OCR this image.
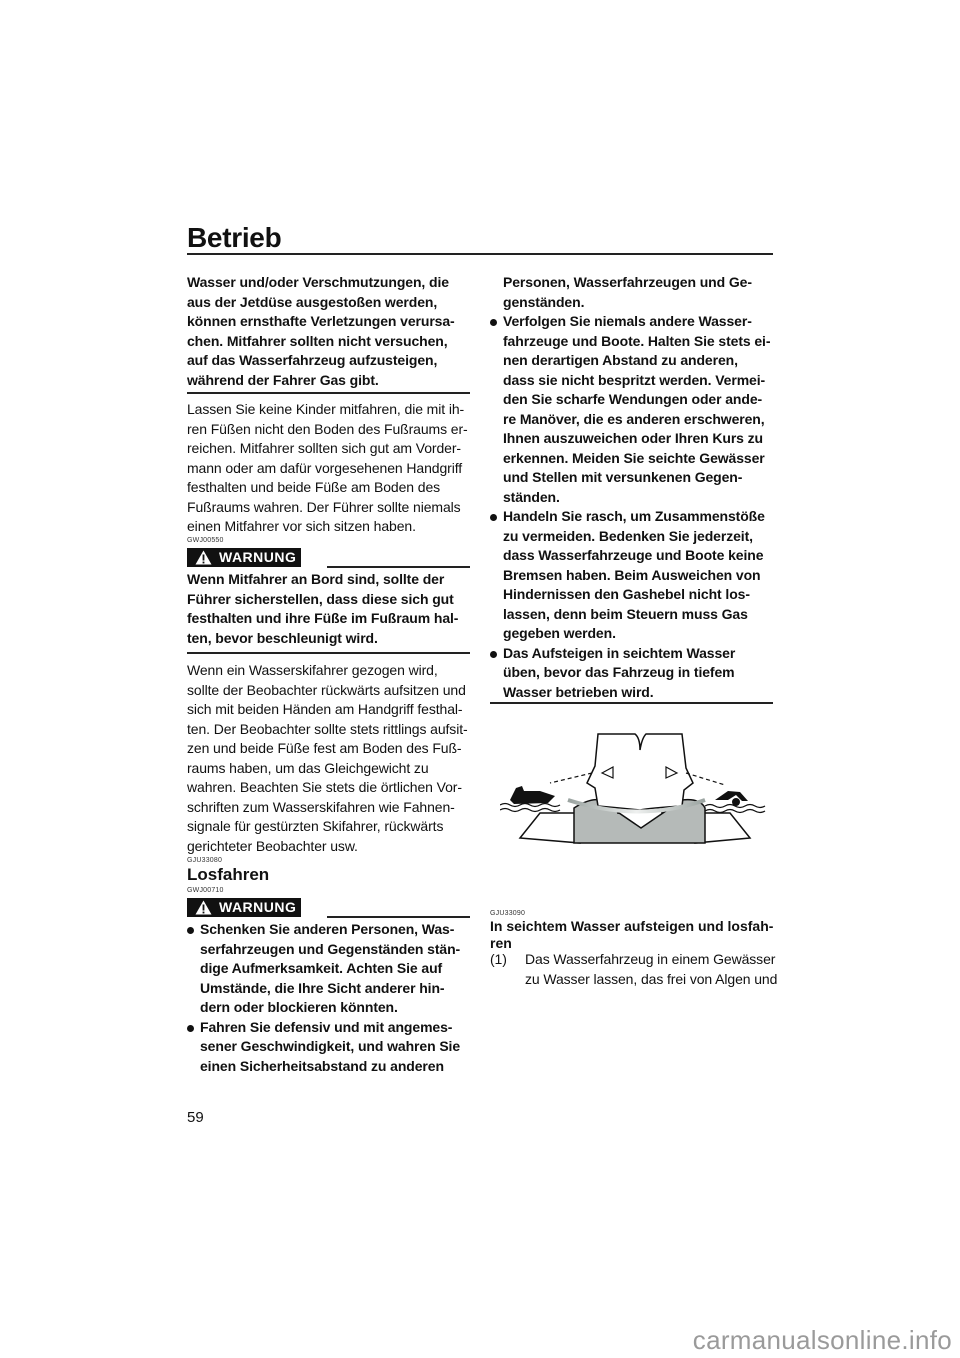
Betrieb
Wasser und/oder Verschmutzungen, die
aus der Jetdüse ausgestoßen werden,
können ernsthafte Verletzungen verursa-
chen. Mitfahrer sollten nicht versuchen,
auf das Wasserfahrzeug aufzusteigen,
während der Fahrer Gas gibt.
Lassen Sie keine Kinder mitfahren, die mit ih-
ren Füßen nicht den Boden des Fußraums er-
reichen. Mitfahrer sollten sich gut am Vorder-
mann oder am dafür vorgesehenen Handgriff
festhalten und beide Füße am Boden des
Fußraums wahren. Der Führer sollte niemals
einen Mitfahrer vor sich sitzen haben.
GWJ00550
WARNUNG
Wenn Mitfahrer an Bord sind, sollte der
Führer sicherstellen, dass diese sich gut
festhalten und ihre Füße im Fußraum hal-
ten, bevor beschleunigt wird.
Wenn ein Wasserskifahrer gezogen wird,
sollte der Beobachter rückwärts aufsitzen und
sich mit beiden Händen am Handgriff festhal-
ten. Der Beobachter sollte stets rittlings aufsit-
zen und beide Füße fest am Boden des Fuß-
raums haben, um das Gleichgewicht zu
wahren. Beachten Sie stets die örtlichen Vor-
schriften zum Wasserskifahren wie Fahnen-
signale für gestürzten Skifahrer, rückwärts
gerichteter Beobachter usw.
GJU33080
Losfahren
GWJ00710
WARNUNG
Schenken Sie anderen Personen, Was-
serfahrzeugen und Gegenständen stän-
dige Aufmerksamkeit. Achten Sie auf
Umstände, die Ihre Sicht anderer hin-
dern oder blockieren könnten.
Fahren Sie defensiv und mit angemes-
sener Geschwindigkeit, und wahren Sie
einen Sicherheitsabstand zu anderen
Personen, Wasserfahrzeugen und Ge-
genständen.
Verfolgen Sie niemals andere Wasser-
fahrzeuge und Boote. Halten Sie stets ei-
nen derartigen Abstand zu anderen,
dass sie nicht bespritzt werden. Vermei-
den Sie scharfe Wendungen oder ande-
re Manöver, die es anderen erschweren,
Ihnen auszuweichen oder Ihren Kurs zu
erkennen. Meiden Sie seichte Gewässer
und Stellen mit versunkenen Gegen-
ständen.
Handeln Sie rasch, um Zusammenstöße
zu vermeiden. Bedenken Sie jederzeit,
dass Wasserfahrzeuge und Boote keine
Bremsen haben. Beim Ausweichen von
Hindernissen den Gashebel nicht los-
lassen, denn beim Steuern muss Gas
gegeben werden.
Das Aufsteigen in seichtem Wasser
üben, bevor das Fahrzeug in tiefem
Wasser betrieben wird.
GJU33090
In seichtem Wasser aufsteigen und losfah-
ren
(1) Das Wasserfahrzeug in einem Gewässer
zu Wasser lassen, das frei von Algen und
59
carmanualsonline.info
